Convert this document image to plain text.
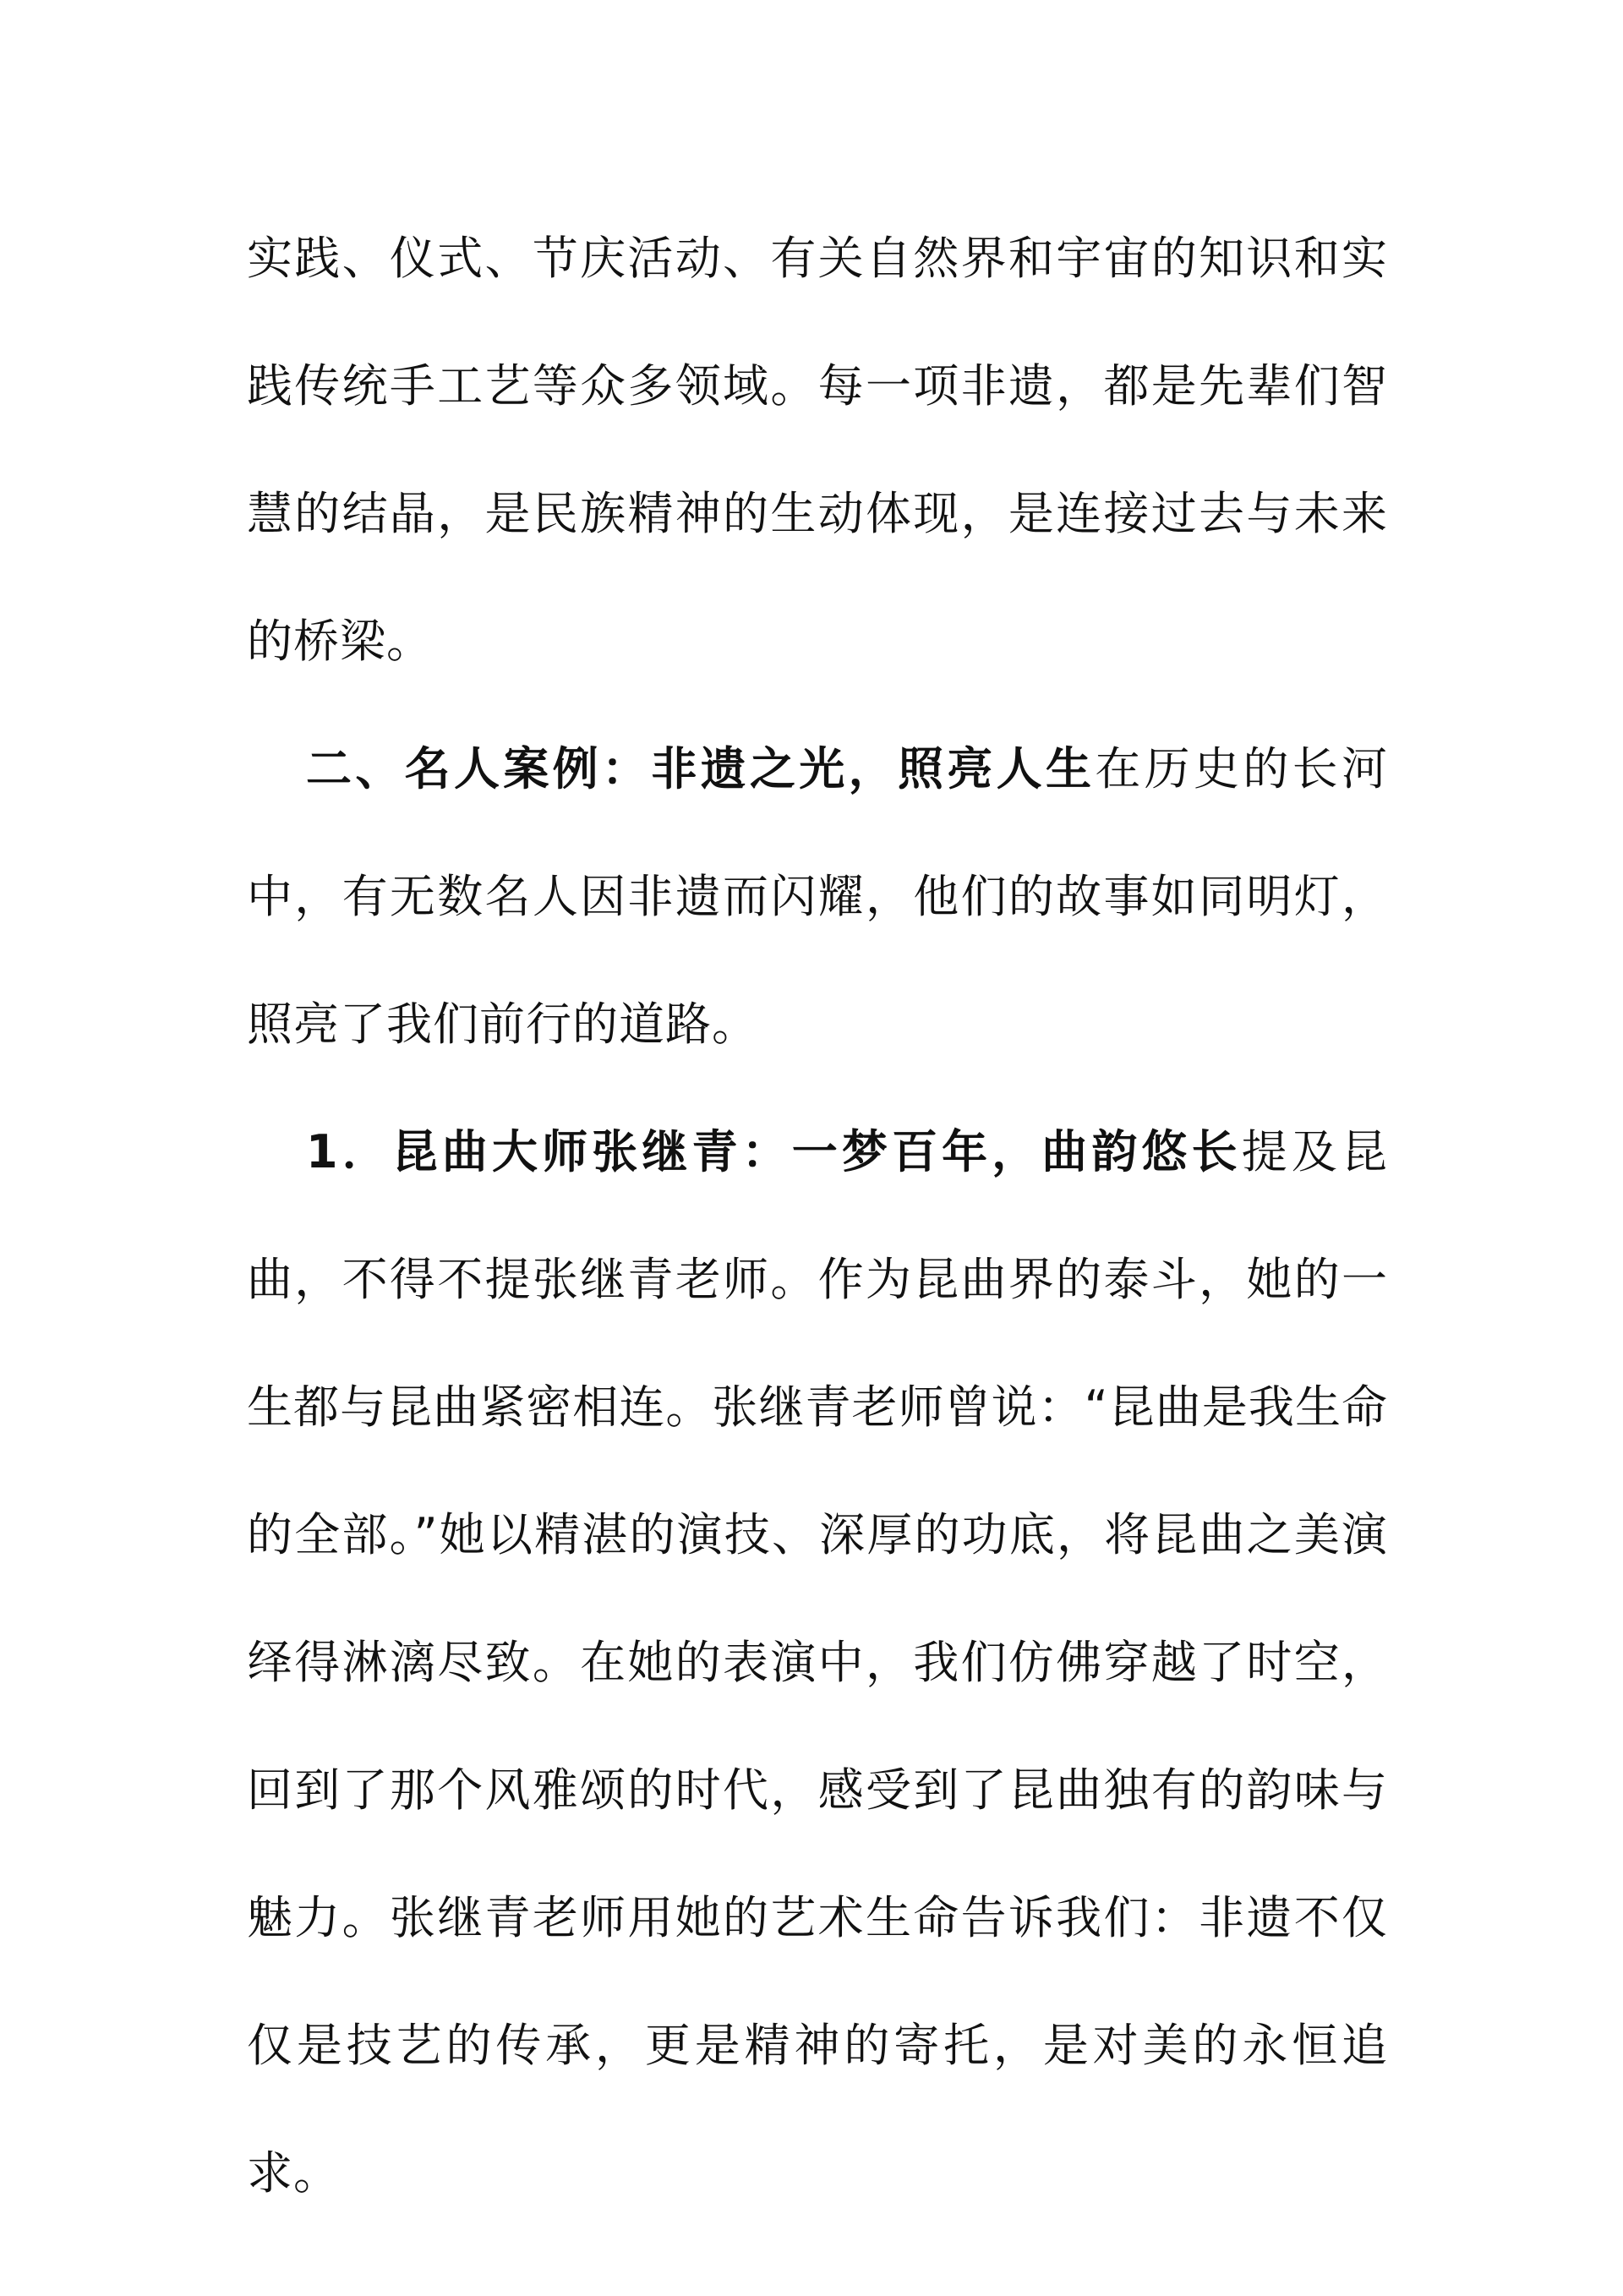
实践、仪式、节庆活动、有关自然界和宇宙的知识和实践传统手工艺等众多领域。每一项非遗，都是先辈们智慧的结晶，是民族精神的生动体现，是连接过去与未来的桥梁。

二、名人案例：非遗之光，照亮人生在历史的长河中，有无数名人因非遗而闪耀，他们的故事如同明灯，照亮了我们前行的道路。

1．昆曲大师张继青：一梦百年，曲韵悠长提及昆曲，不得不提张继青老师。作为昆曲界的泰斗，她的一生都与昆曲紧密相连。张继青老师曾说：“昆曲是我生命的全部。”她以精湛的演技、深厚的功底，将昆曲之美演绎得淋漓尽致。在她的表演中，我们仿佛穿越了时空，回到了那个风雅颂的时代，感受到了昆曲独有的韵味与魅力。张继青老师用她的艺术生命告诉我们：非遗不仅仅是技艺的传承，更是精神的寄托，是对美的永恒追求。
